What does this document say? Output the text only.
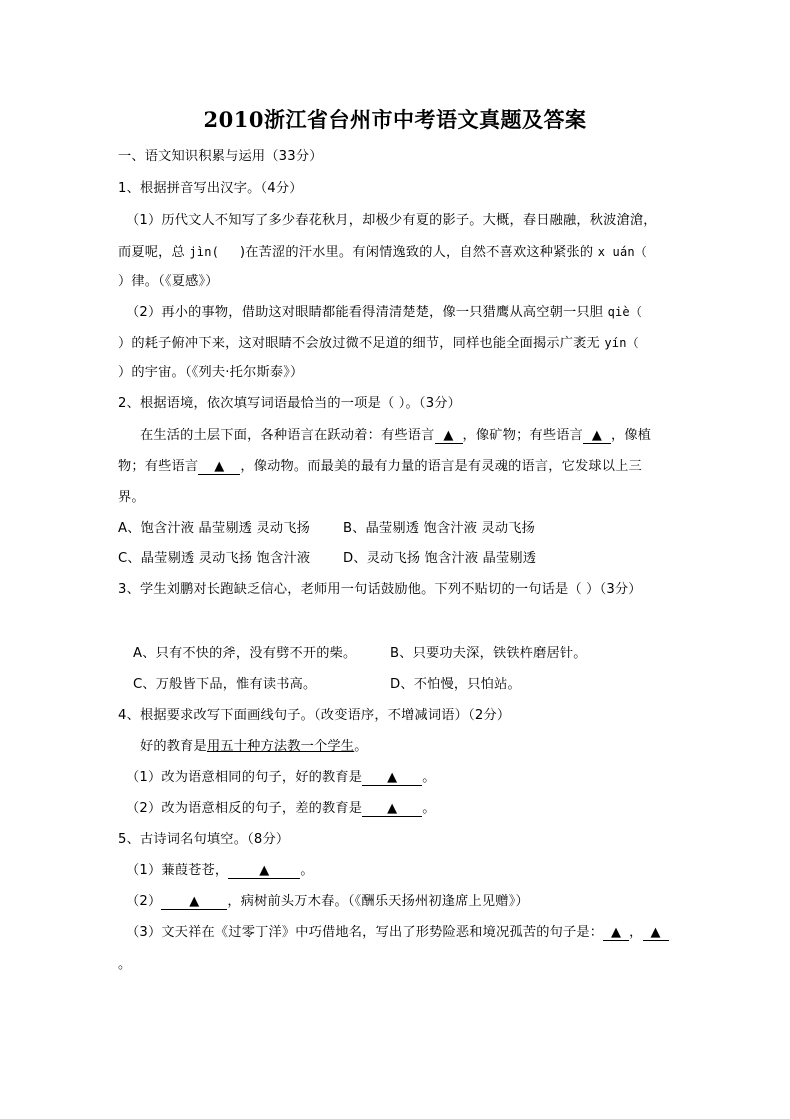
2010浙江省台州市中考语文真题及答案
一、语文知识积累与运用（33分）
1、根据拼音写出汉字。（4分）
（1）历代文人不知写了多少春花秋月，却极少有夏的影子。大概，春日融融，秋波滄滄，
而夏呢，总 jìn( )在苦涩的汗水里。有闲情逸致的人，自然不喜欢这种紧张的 x uán（
）律。（《夏感》）
（2）再小的事物，借助这对眼睛都能看得清清楚楚，像一只猎鹰从高空朝一只胆 qiè（
）的耗子俯冲下来，这对眼睛不会放过微不足道的细节，同样也能全面揭示广袤无 yín（
）的宇宙。（《列夫·托尔斯泰》）
2、根据语境，依次填写词语最恰当的一项是（ ）。（3分）
在生活的土层下面，各种语言在跃动着：有些语言 ▲ ，像矿物；有些语言 ▲ ，像植
物；有些语言 ▲ ，像动物。而最美的最有力量的语言是有灵魂的语言，它发球以上三
界。
A、饱含汁液 晶莹剔透 灵动飞扬 B、晶莹剔透 饱含汁液 灵动飞扬
C、晶莹剔透 灵动飞扬 饱含汁液 D、灵动飞扬 饱含汁液 晶莹剔透
3、学生刘鹏对长跑缺乏信心，老师用一句话鼓励他。下列不贴切的一句话是（ ）（3分）
A、只有不快的斧，没有劈不开的柴。	B、只要功夫深，铁铁杵磨居针。
C、万般皆下品，惟有读书高。	D、不怕慢，只怕站。
4、根据要求改写下面画线句子。（改变语序，不增减词语）（2分）
好的教育是用五十种方法教一个学生。
（1）改为语意相同的句子，好的教育是 ▲ 。
（2）改为语意相反的句子，差的教育是 ▲ 。
5、古诗词名句填空。（8分）
（1）蒹葭苍苍， ▲ 。
（2） ▲ ，病树前头万木春。（《酬乐天扬州初逢席上见赠》）
（3）文天祥在《过零丁洋》中巧借地名，写出了形势险恶和境况孤苦的句子是： ▲ ， ▲
。
